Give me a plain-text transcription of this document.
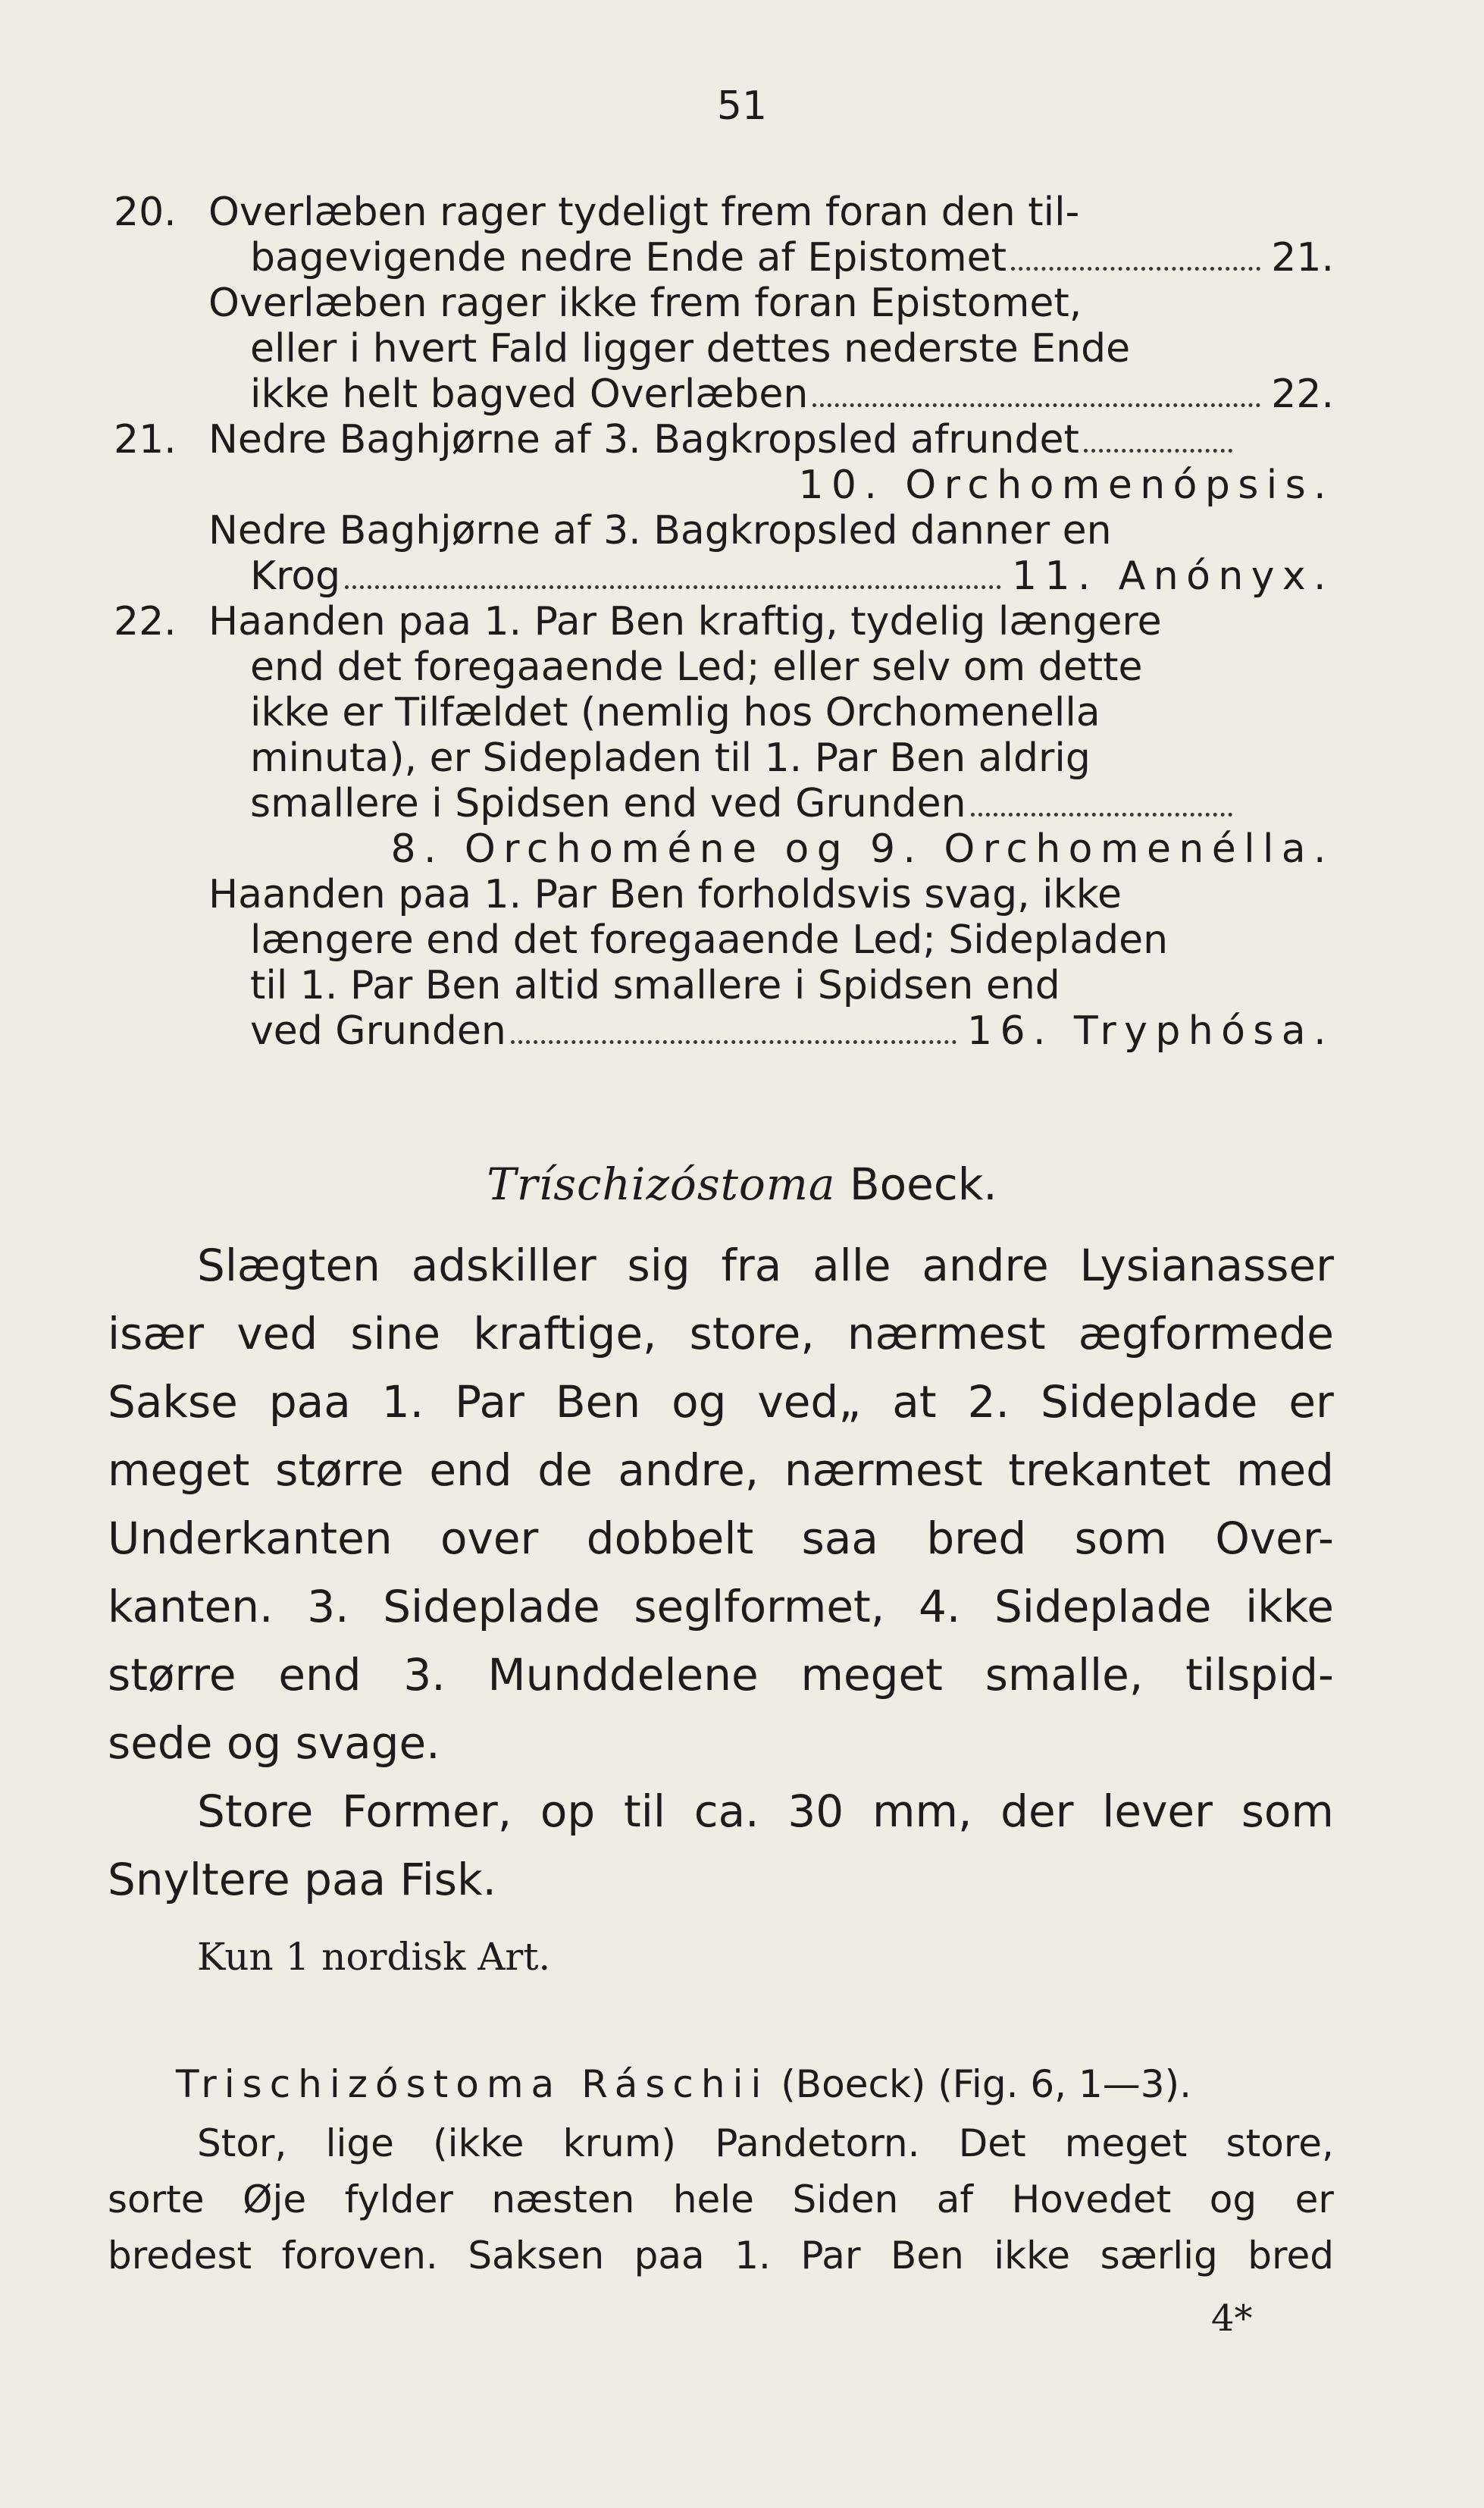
51
20. Overlæben rager tydeligt frem foran den til-
bagevigende nedre Ende af Epistomet	21.
Overlæben rager ikke frem foran Epistomet,
eller i hvert Fald ligger dettes nederste Ende
ikke helt bagved Overlæben	22.
21. Nedre Baghjørne af 3. Bagkropsled afrundet
10. Orchomenópsis.
Nedre Baghjørne af 3. Bagkropsled danner en
Krog	11. Anónyx.
22. Haanden paa 1. Par Ben kraftig, tydelig længere
end det foregaaende Led; eller selv om dette
ikke er Tilfældet (nemlig hos Orchomenella
minuta), er Sidepladen til 1. Par Ben aldrig
smallere i Spidsen end ved Grunden
8. Orchoméne og 9. Orchomenélla.
Haanden paa 1. Par Ben forholdsvis svag, ikke
længere end det foregaaende Led; Sidepladen
til 1. Par Ben altid smallere i Spidsen end
ved Grunden	16. Tryphósa.
Tríschizóstoma Boeck.
Slægten adskiller sig fra alle andre Lysianasser
især ved sine kraftige, store, nærmest ægformede
Sakse paa 1. Par Ben og ved„ at 2. Sideplade er
meget større end de andre, nærmest trekantet med
Underkanten over dobbelt saa bred som Over-
kanten. 3. Sideplade seglformet, 4. Sideplade ikke
større end 3. Munddelene meget smalle, tilspid-
sede og svage.
Store Former, op til ca. 30 mm, der lever som
Snyltere paa Fisk.
Kun 1 nordisk Art.
Trischizóstoma Ráschii (Boeck) (Fig. 6, 1—3).
Stor, lige (ikke krum) Pandetorn. Det meget store,
sorte Øje fylder næsten hele Siden af Hovedet og er
bredest foroven. Saksen paa 1. Par Ben ikke særlig bred
4*
